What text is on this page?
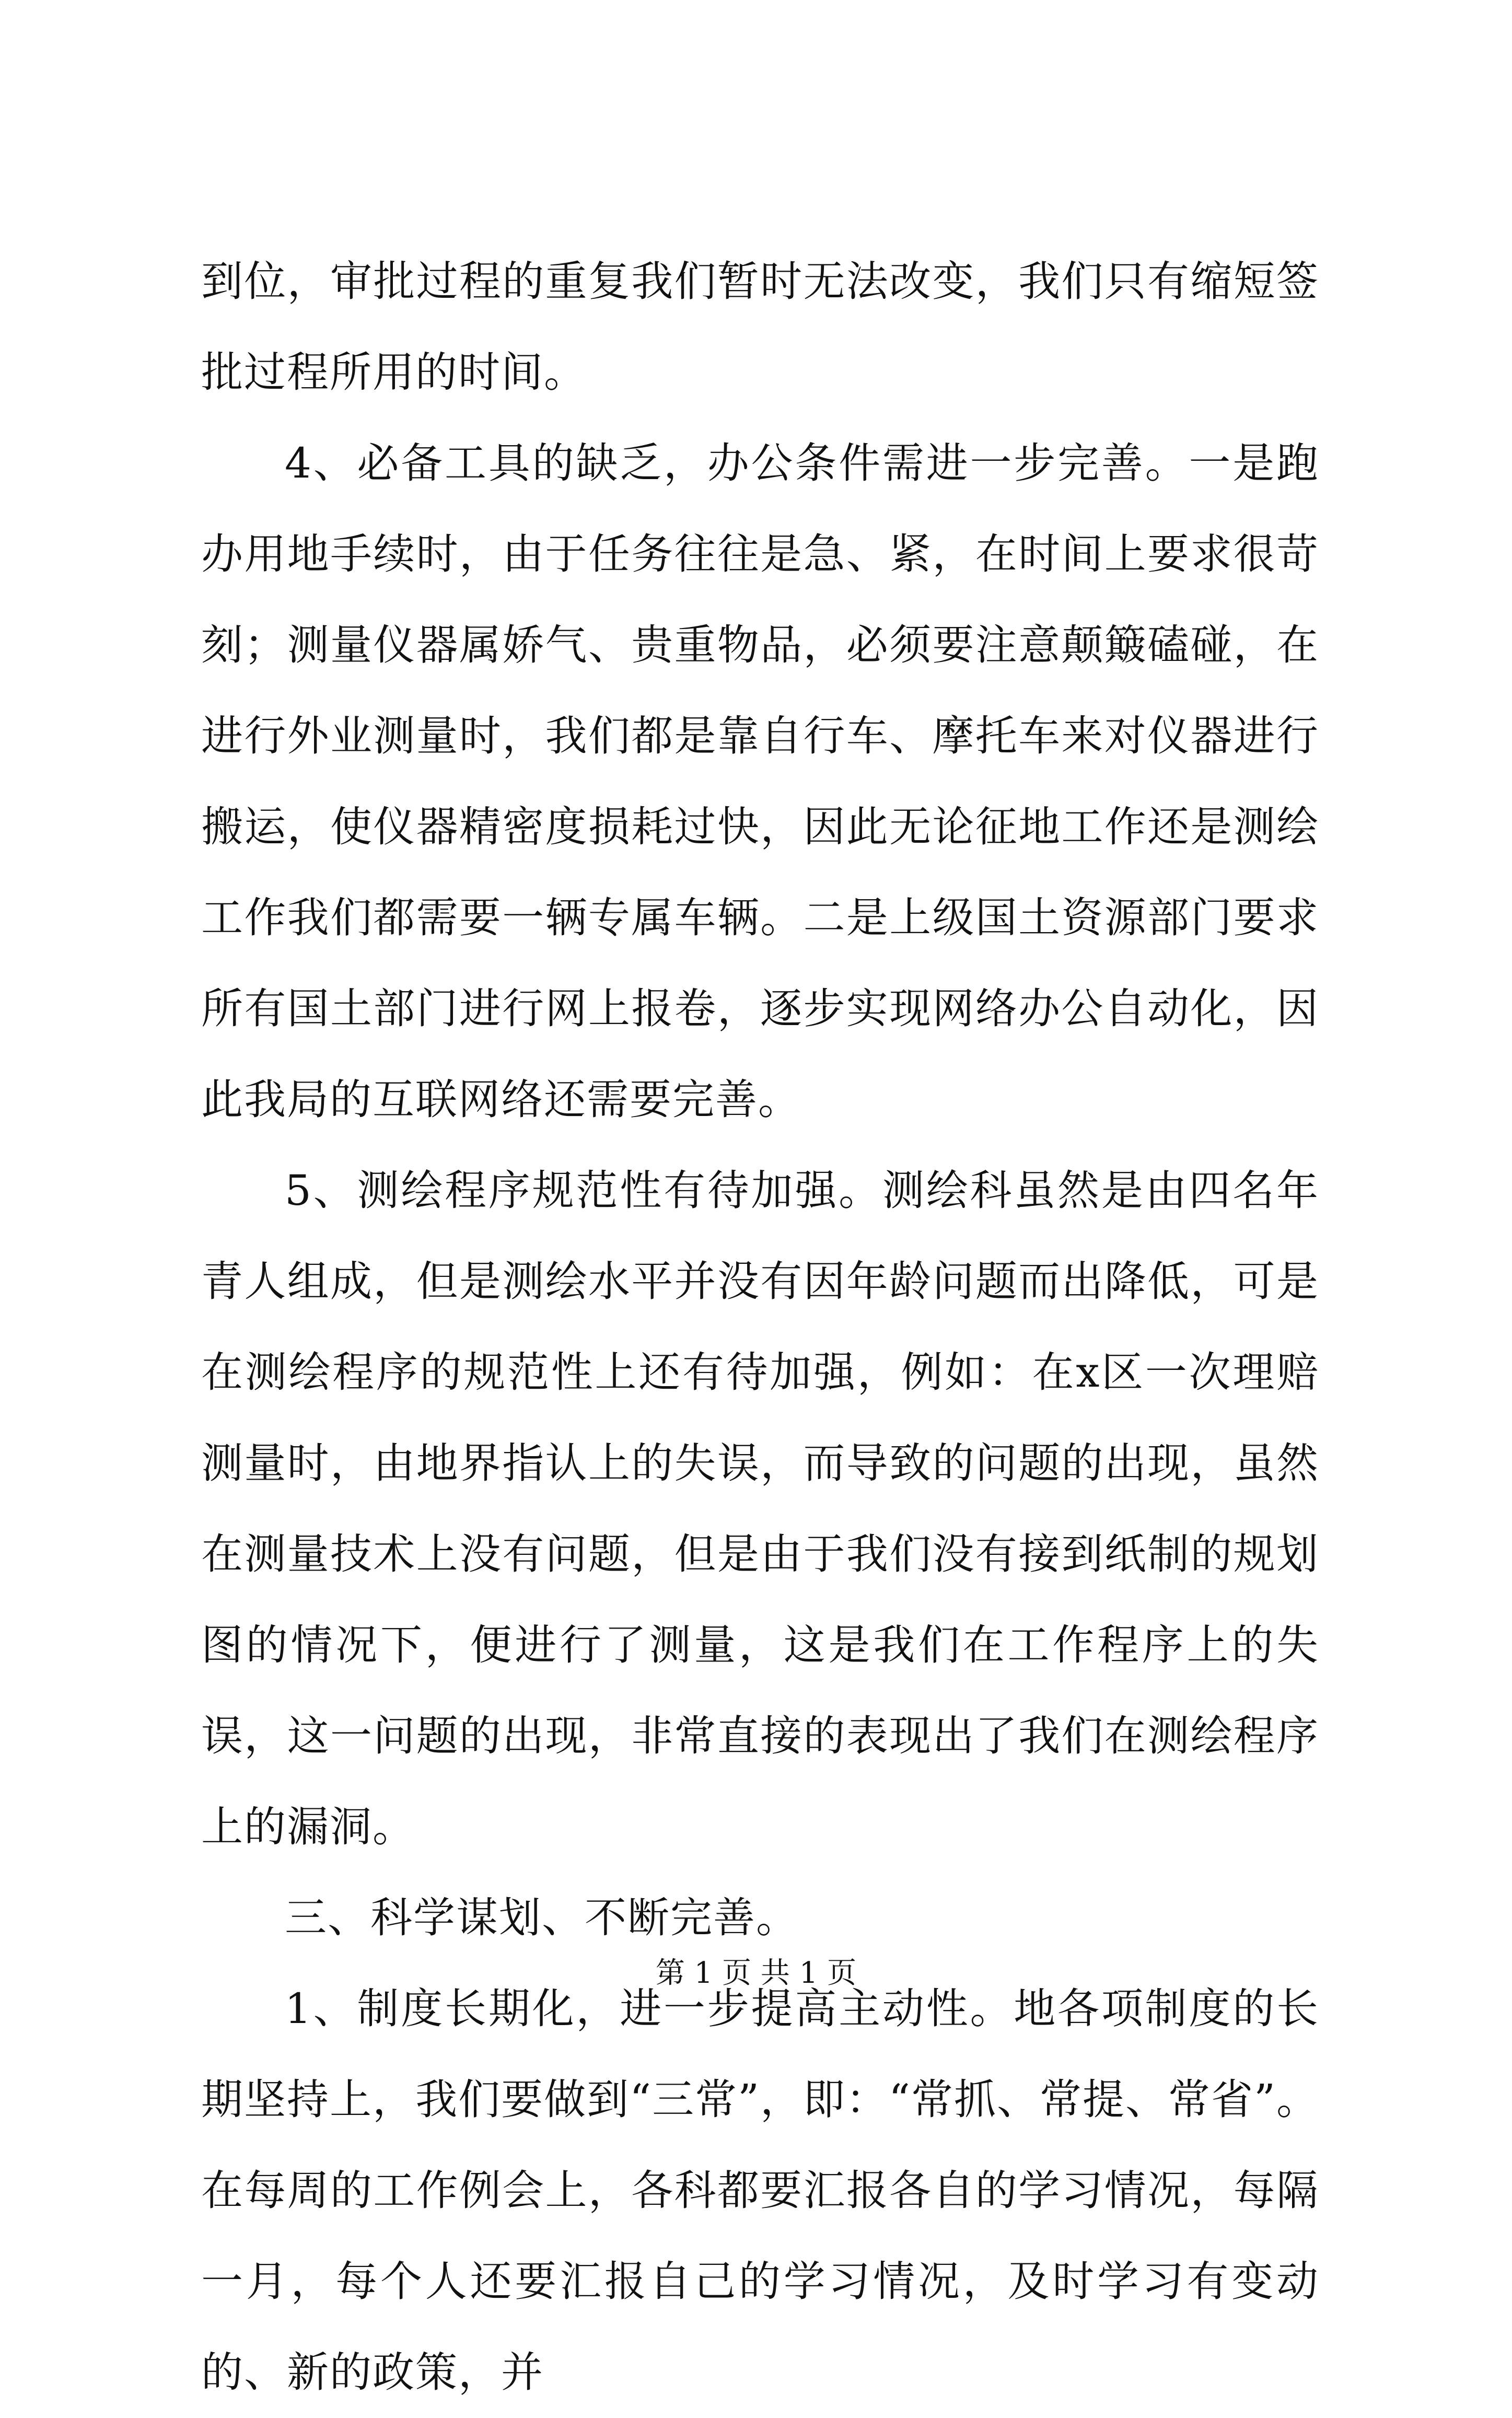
到位，审批过程的重复我们暂时无法改变，我们只有缩短签批过程所用的时间。

4、必备工具的缺乏，办公条件需进一步完善。一是跑办用地手续时，由于任务往往是急、紧，在时间上要求很苛刻；测量仪器属娇气、贵重物品，必须要注意颠簸磕碰，在进行外业测量时，我们都是靠自行车、摩托车来对仪器进行搬运，使仪器精密度损耗过快，因此无论征地工作还是测绘工作我们都需要一辆专属车辆。二是上级国土资源部门要求所有国土部门进行网上报卷，逐步实现网络办公自动化，因此我局的互联网络还需要完善。

5、测绘程序规范性有待加强。测绘科虽然是由四名年青人组成，但是测绘水平并没有因年龄问题而出降低，可是在测绘程序的规范性上还有待加强，例如：在x区一次理赔测量时，由地界指认上的失误，而导致的问题的出现，虽然在测量技术上没有问题，但是由于我们没有接到纸制的规划图的情况下，便进行了测量，这是我们在工作程序上的失误，这一问题的出现，非常直接的表现出了我们在测绘程序上的漏洞。

三、科学谋划、不断完善。

1、制度长期化，进一步提高主动性。地各项制度的长期坚持上，我们要做到“三常”，即：“常抓、常提、常省”。在每周的工作例会上，各科都要汇报各自的学习情况，每隔一月，每个人还要汇报自己的学习情况，及时学习有变动的、新的政策，并

第 1 页 共 1 页
